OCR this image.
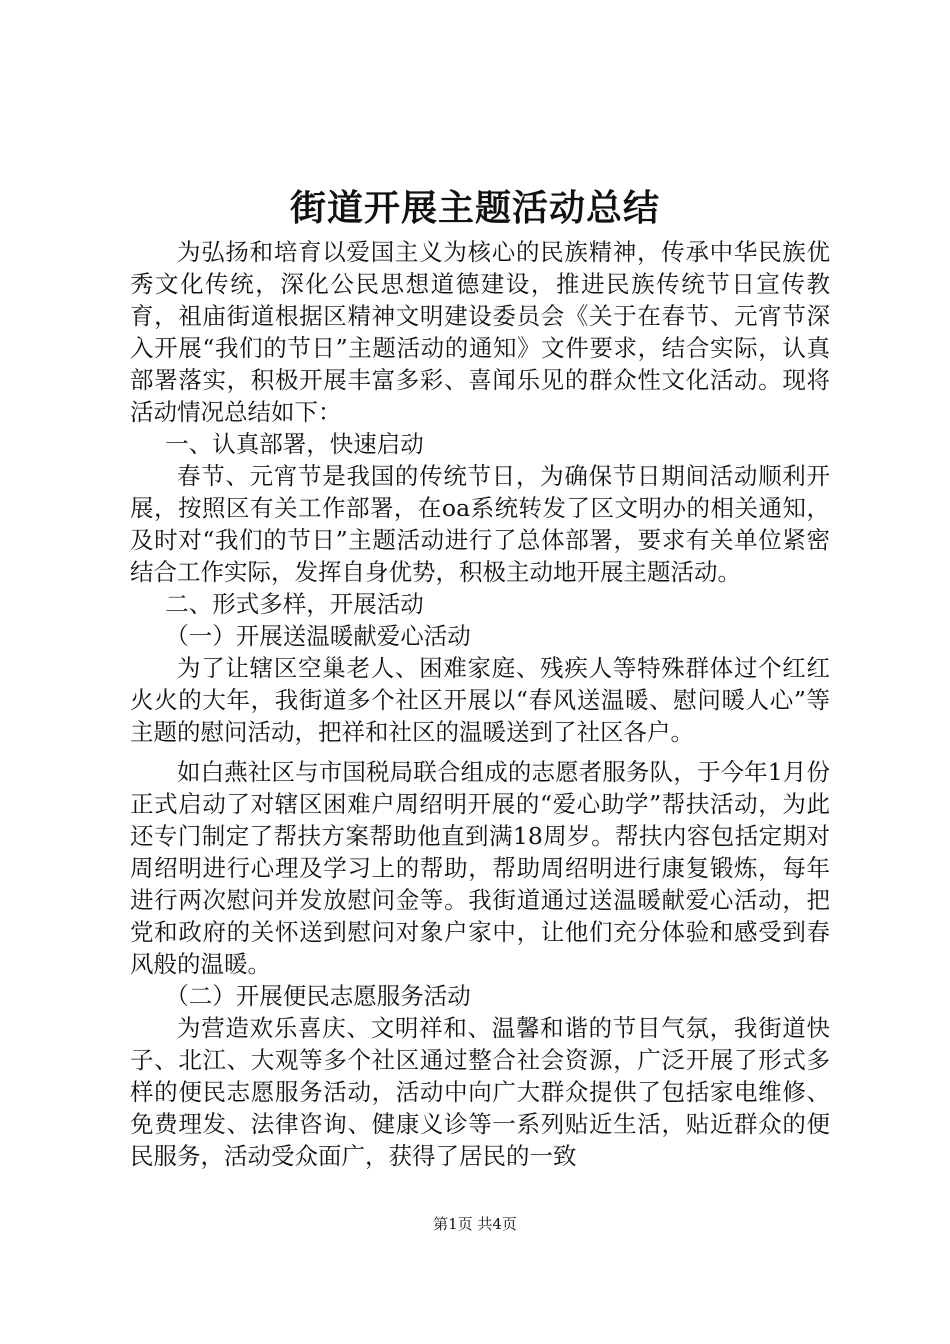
街道开展主题活动总结

为弘扬和培育以爱国主义为核心的民族精神，传承中华民族优秀文化传统，深化公民思想道德建设，推进民族传统节日宣传教育，祖庙街道根据区精神文明建设委员会《关于在春节、元宵节深入开展“我们的节日”主题活动的通知》文件要求，结合实际，认真部署落实，积极开展丰富多彩、喜闻乐见的群众性文化活动。现将活动情况总结如下：

一、认真部署，快速启动

春节、元宵节是我国的传统节日，为确保节日期间活动顺利开展，按照区有关工作部署，在oa系统转发了区文明办的相关通知，及时对“我们的节日”主题活动进行了总体部署，要求有关单位紧密结合工作实际，发挥自身优势，积极主动地开展主题活动。

二、形式多样，开展活动

（一）开展送温暖献爱心活动

为了让辖区空巢老人、困难家庭、残疾人等特殊群体过个红红火火的大年，我街道多个社区开展以“春风送温暖、慰问暖人心”等主题的慰问活动，把祥和社区的温暖送到了社区各户。

如白燕社区与市国税局联合组成的志愿者服务队，于今年1月份正式启动了对辖区困难户周绍明开展的“爱心助学”帮扶活动，为此还专门制定了帮扶方案帮助他直到满18周岁。帮扶内容包括定期对周绍明进行心理及学习上的帮助，帮助周绍明进行康复锻炼，每年进行两次慰问并发放慰问金等。我街道通过送温暖献爱心活动，把党和政府的关怀送到慰问对象户家中，让他们充分体验和感受到春风般的温暖。

（二）开展便民志愿服务活动

为营造欢乐喜庆、文明祥和、温馨和谐的节目气氛，我街道快子、北江、大观等多个社区通过整合社会资源，广泛开展了形式多样的便民志愿服务活动，活动中向广大群众提供了包括家电维修、免费理发、法律咨询、健康义诊等一系列贴近生活，贴近群众的便民服务，活动受众面广，获得了居民的一致

第1页 共4页
